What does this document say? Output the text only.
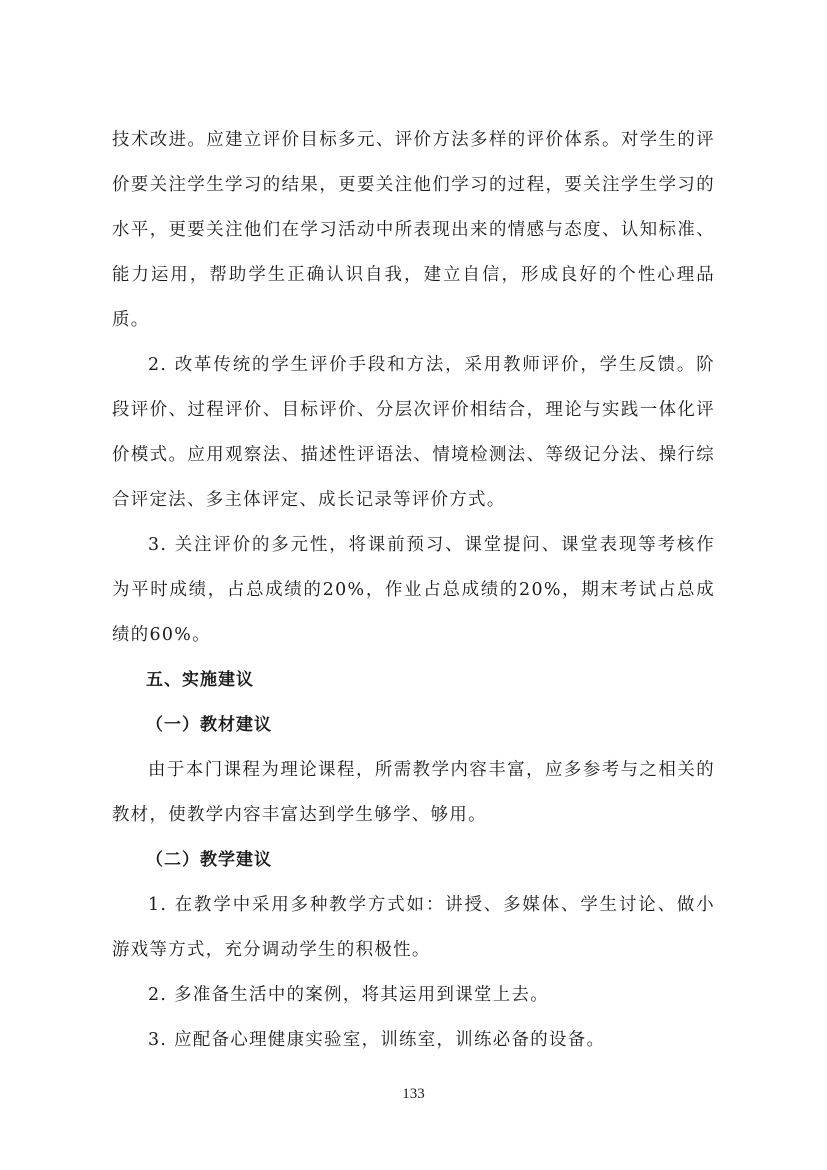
技术改进。应建立评价目标多元、评价方法多样的评价体系。对学生的评价要关注学生学习的结果，更要关注他们学习的过程，要关注学生学习的水平，更要关注他们在学习活动中所表现出来的情感与态度、认知标准、能力运用，帮助学生正确认识自我，建立自信，形成良好的个性心理品质。

2. 改革传统的学生评价手段和方法，采用教师评价，学生反馈。阶段评价、过程评价、目标评价、分层次评价相结合，理论与实践一体化评价模式。应用观察法、描述性评语法、情境检测法、等级记分法、操行综合评定法、多主体评定、成长记录等评价方式。

3. 关注评价的多元性，将课前预习、课堂提问、课堂表现等考核作为平时成绩，占总成绩的20%，作业占总成绩的20%，期末考试占总成绩的60%。

五、实施建议
（一）教材建议

由于本门课程为理论课程，所需教学内容丰富，应多参考与之相关的教材，使教学内容丰富达到学生够学、够用。

（二）教学建议

1. 在教学中采用多种教学方式如：讲授、多媒体、学生讨论、做小游戏等方式，充分调动学生的积极性。

2. 多准备生活中的案例，将其运用到课堂上去。

3. 应配备心理健康实验室，训练室，训练必备的设备。

133
